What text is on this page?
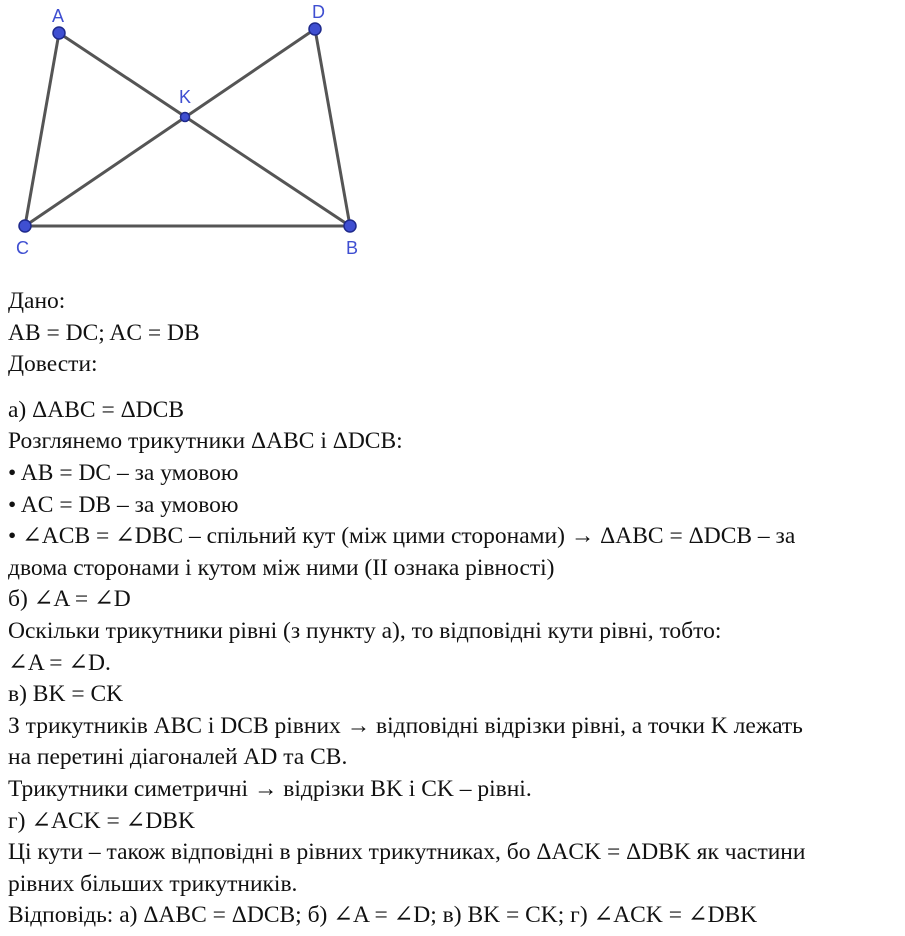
A	D
K
C	B
Дано:
AB = DC; AC = DB
Довести:
а) ΔABC = ΔDCB
Розглянемо трикутники ΔABC і ΔDCB:
• AB = DC – за умовою
• AC = DB – за умовою
• ∠ACB = ∠DBC – спільний кут (між цими сторонами) → ΔABC = ΔDCB – за
двома сторонами і кутом між ними (II ознака рівності)
б) ∠A = ∠D
Оскільки трикутники рівні (з пункту а), то відповідні кути рівні, тобто:
∠A = ∠D.
в) BK = CK
З трикутників ABC і DCB рівних → відповідні відрізки рівні, а точки K лежать
на перетині діагоналей AD та CB.
Трикутники симетричні → відрізки BK і CK – рівні.
г) ∠ACK = ∠DBK
Ці кути – також відповідні в рівних трикутниках, бо ΔACK = ΔDBK як частини
рівних більших трикутників.
Відповідь: а) ΔABC = ΔDCB; б) ∠A = ∠D; в) BK = CK; г) ∠ACK = ∠DBK
